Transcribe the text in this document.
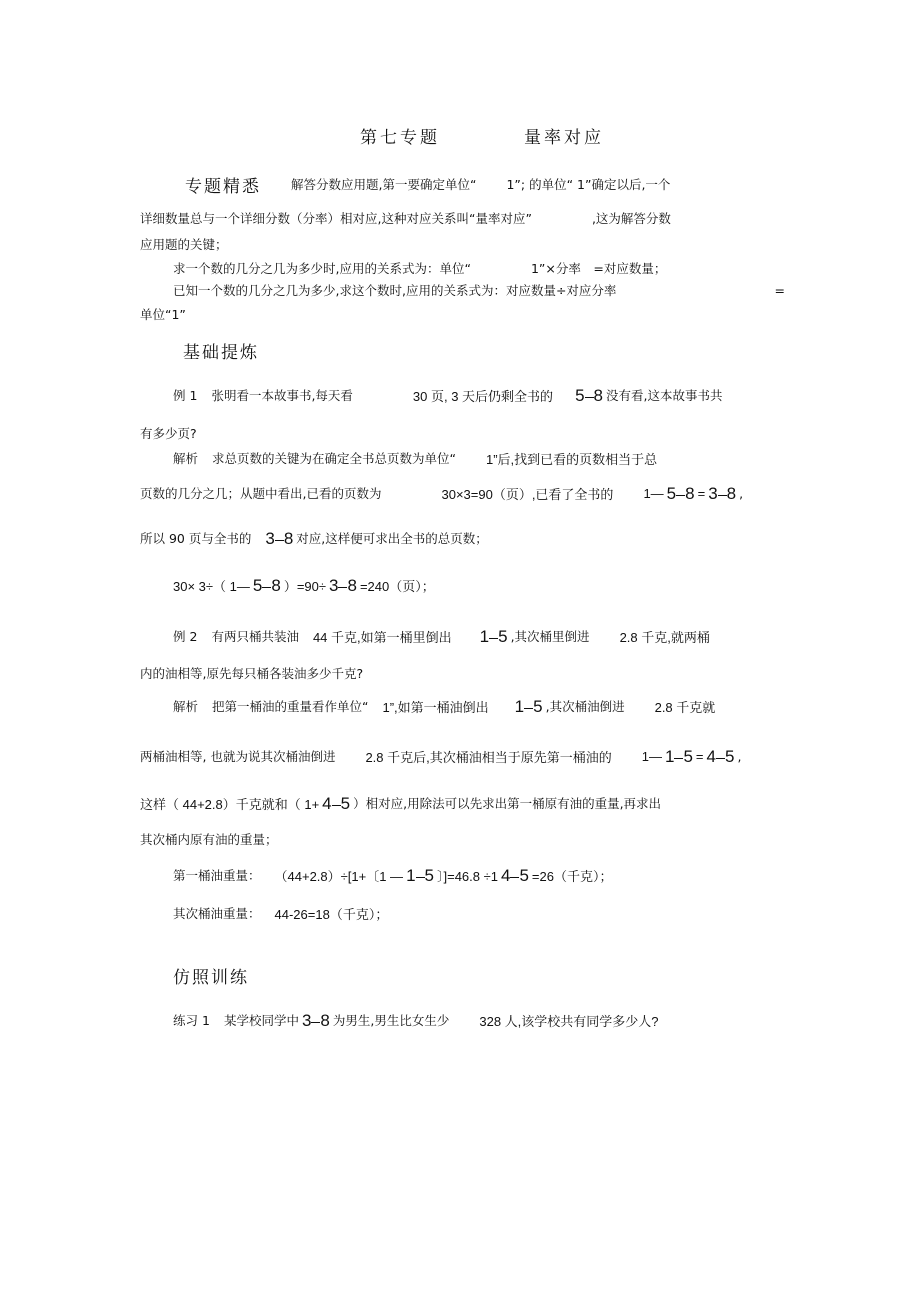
第七专题	量率对应
专题精悉 解答分数应用题,第一要确定单位“ 1”; 的单位“ 1”确定以后,一个
详细数量总与一个详细分数（分率）相对应,这种对应关系叫“量率对应”	,这为解答分数
应用题的关键；
求一个数的几分之几为多少时,应用的关系式为：单位“	1”×分率　=对应数量；
已知一个数的几分之几为多少,求这个数时,应用的关系式为：对应数量÷对应分率	=
单位“1”
基础提炼
例 1 张明看一本故事书,每天看	30 页, 3 天后仍剩全书的 5 8 没有看,这本故事书共
有多少页?
解析 求总页数的关键为在确定全书总页数为单位“ 1”后,找到已看的页数相当于总
页数的几分之几；从题中看出,已看的页数为	30×3=90（页）,已看了全书的 1— 5 8 = 3 8 ,
所以 90 页与全书的 3 8 对应,这样便可求出全书的总页数；
30× 3÷（ 1— 5 8 ）=90÷ 3 8 =240（页）；
例 2 有两只桶共装油 44 千克,如第一桶里倒出 1 5 ,其次桶里倒进 2.8 千克,就两桶
内的油相等,原先每只桶各装油多少千克?
解析 把第一桶油的重量看作单位“ 1”,如第一桶油倒出 1 5 ,其次桶油倒进 2.8 千克就
两桶油相等, 也就为说其次桶油倒进 2.8 千克后,其次桶油相当于原先第一桶油的 1— 1 5 = 4 5 ,
这样（ 44+2.8）千克就和（ 1+ 4 5 ）相对应,用除法可以先求出第一桶原有油的重量,再求出
其次桶内原有油的重量；
第一桶油重量： （44+2.8）÷[1+〔1 — 1 5 〕]=46.8 ÷1 4 5 =26（千克）；
其次桶油重量： 44-26=18（千克）；
仿照训练
练习 1 某学校同学中 3 8 为男生,男生比女生少 328 人,该学校共有同学多少人?
